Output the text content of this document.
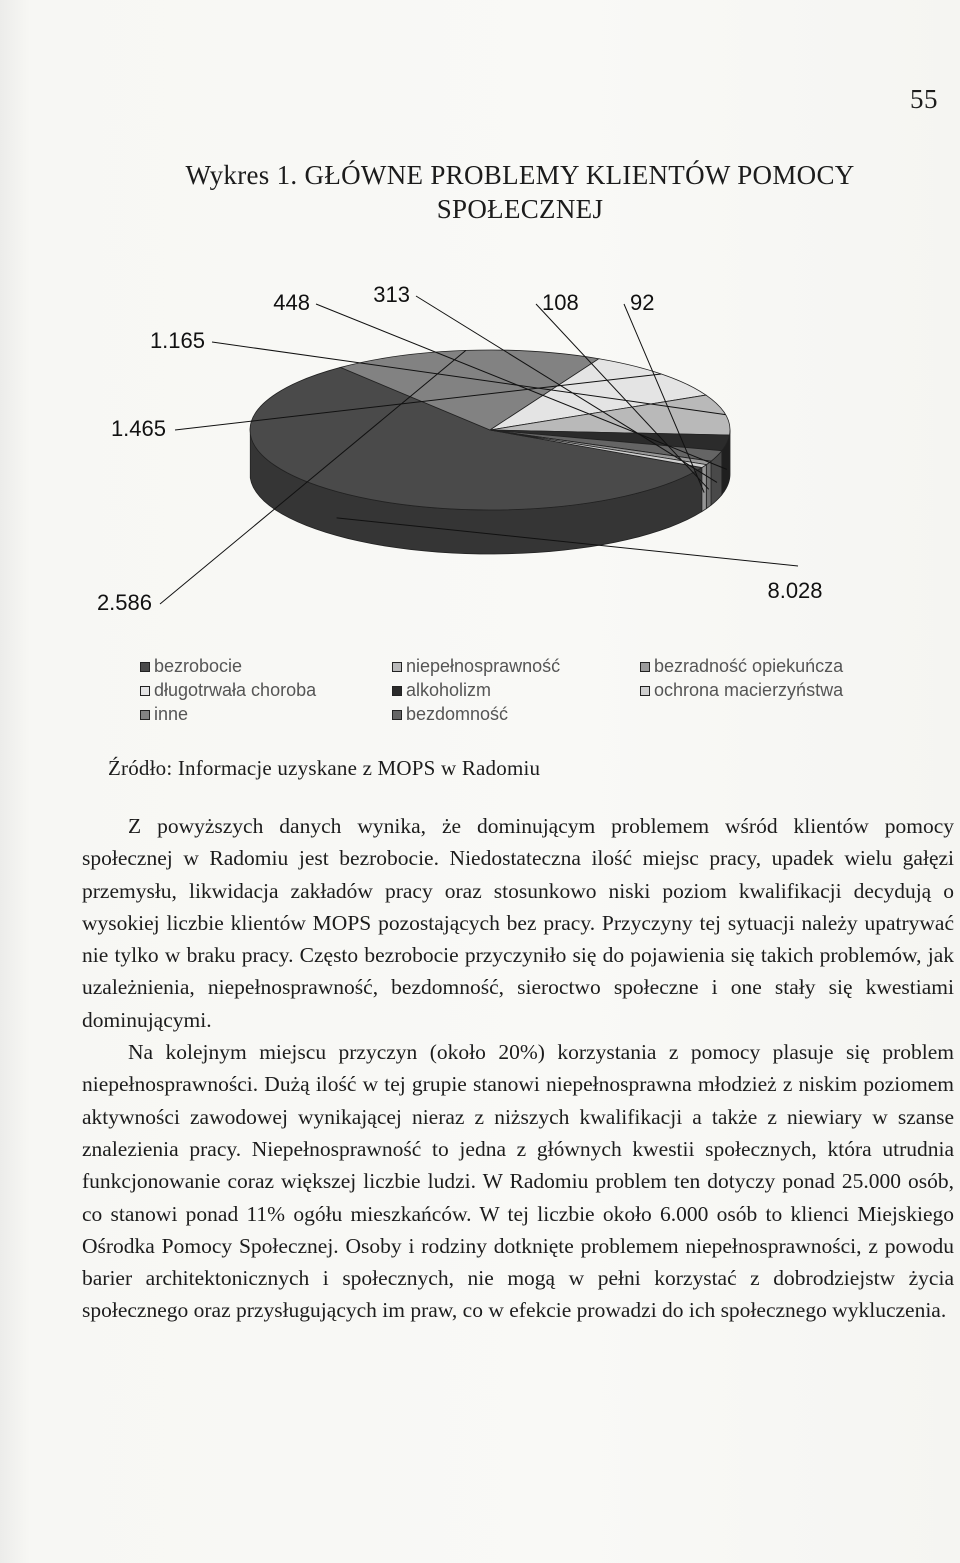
55
Wykres 1. GŁÓWNE PROBLEMY KLIENTÓW POMOCY
SPOŁECZNEJ
8.028
2.586
1.465
1.165
448	313	108 92
bezrobocie
długotrwała choroba
inne
niepełnosprawność
alkoholizm
bezdomność
bezradność opiekuńcza
ochrona macierzyństwa
Źródło: Informacje uzyskane z MOPS w Radomiu

Z powyższych danych wynika, że dominującym problemem wśród klientów pomocy społecznej w Radomiu jest bezrobocie. Niedostateczna ilość miejsc pracy, upadek wielu gałęzi przemysłu, likwidacja zakładów pracy oraz stosunkowo niski poziom kwalifikacji decydują o wysokiej liczbie klientów MOPS pozostających bez pracy. Przyczyny tej sytuacji należy upatrywać nie tylko w braku pracy. Często bezrobocie przyczyniło się do pojawienia się takich problemów, jak uzależnienia, niepełnosprawność, bezdomność, sieroctwo społeczne i one stały się kwestiami dominującymi.

Na kolejnym miejscu przyczyn (około 20%) korzystania z pomocy plasuje się problem niepełnosprawności. Dużą ilość w tej grupie stanowi niepełnosprawna młodzież z niskim poziomem aktywności zawodowej wynikającej nieraz z niższych kwalifikacji a także z niewiary w szanse znalezienia pracy. Niepełnosprawność to jedna z głównych kwestii społecznych, która utrudnia funkcjonowanie coraz większej liczbie ludzi. W Radomiu problem ten dotyczy ponad 25.000 osób, co stanowi ponad 11% ogółu mieszkańców. W tej liczbie około 6.000 osób to klienci Miejskiego Ośrodka Pomocy Społecznej. Osoby i rodziny dotknięte problemem niepełnosprawności, z powodu barier architektonicznych i społecznych, nie mogą w pełni korzystać z dobrodziejstw życia społecznego oraz przysługujących im praw, co w efekcie prowadzi do ich społecznego wykluczenia.
